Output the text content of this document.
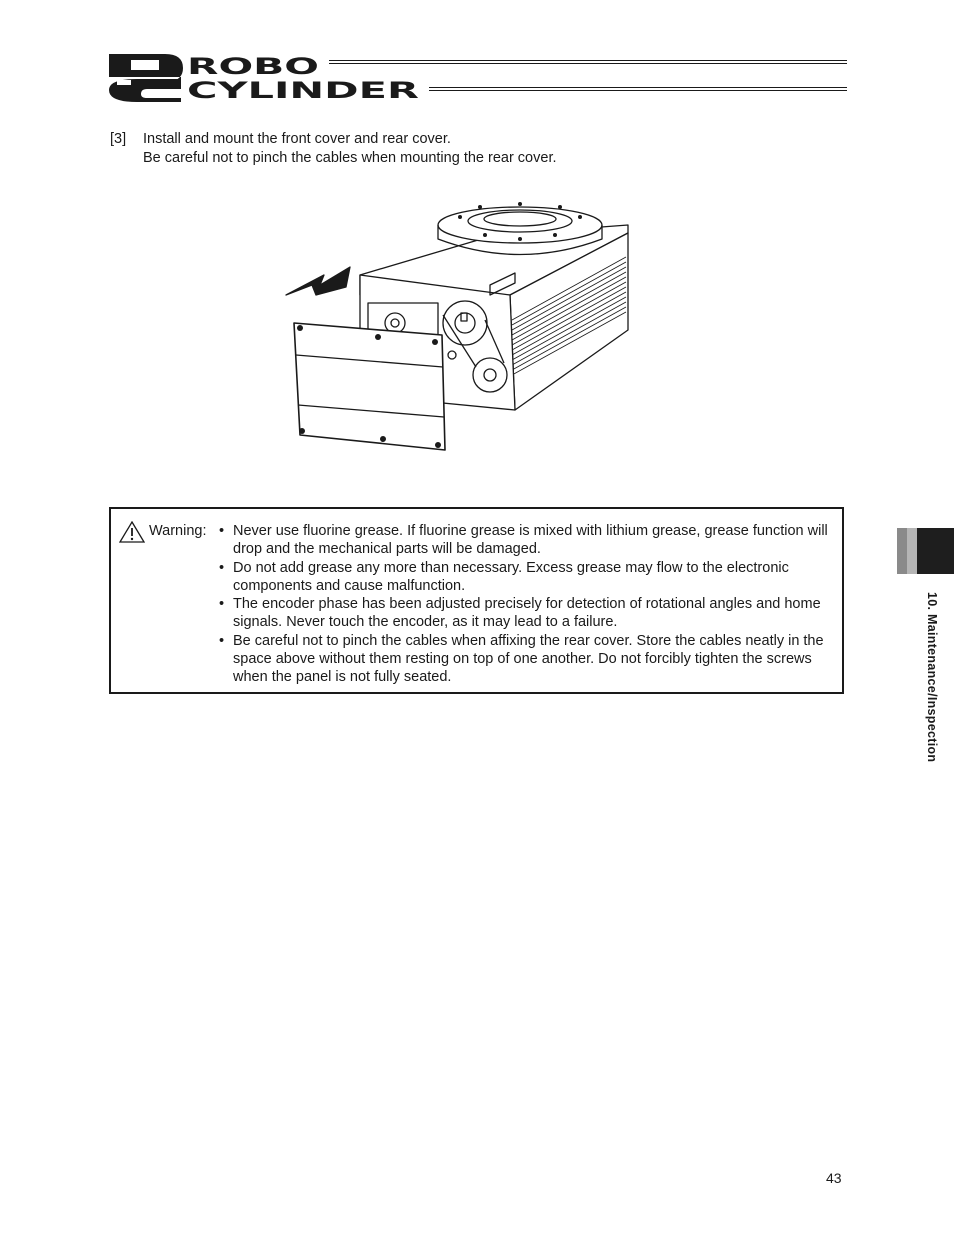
ROBO
CYLINDER
[3] Install and mount the front cover and rear cover.
Be careful not to pinch the cables when mounting the rear cover.
Warning: • Never use fluorine grease. If fluorine grease is mixed with lithium grease, grease function will drop and the mechanical parts will be damaged.
• Do not add grease any more than necessary. Excess grease may flow to the electronic components and cause malfunction.
• The encoder phase has been adjusted precisely for detection of rotational angles and home signals. Never touch the encoder, as it may lead to a failure.
• Be careful not to pinch the cables when affixing the rear cover. Store the cables neatly in the space above without them resting on top of one another. Do not forcibly tighten the screws when the panel is not fully seated.	10. Maintenance/Inspection
43
